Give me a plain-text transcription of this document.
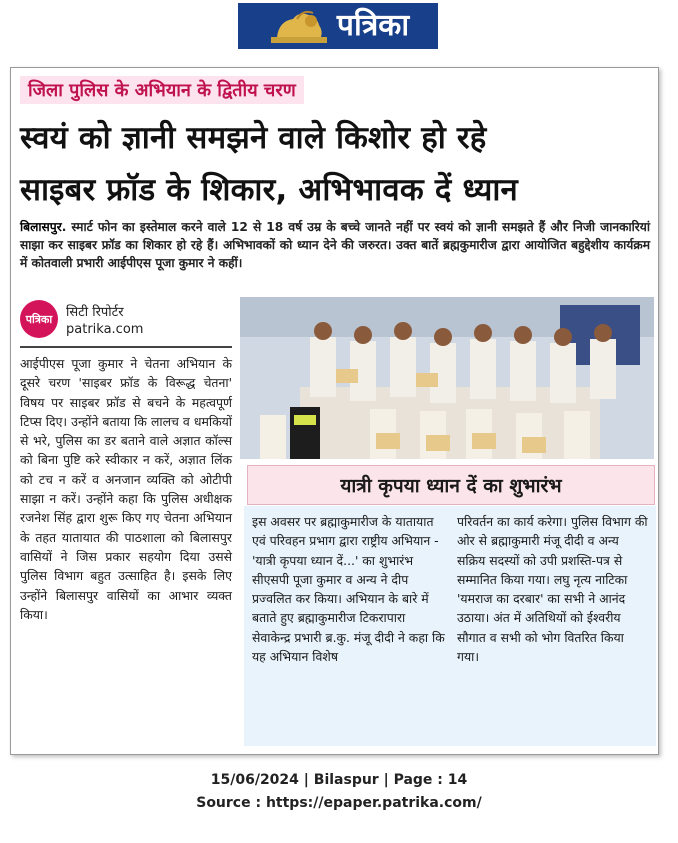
पत्रिका
जिला पुलिस के अभियान के द्वितीय चरण
स्वयं को ज्ञानी समझने वाले किशोर हो रहे
साइबर फ्रॉड के शिकार, अभिभावक दें ध्यान
बिलासपुर. स्मार्ट फोन का इस्तेमाल करने वाले 12 से 18 वर्ष उम्र के बच्चे जानते नहीं पर स्वयं को ज्ञानी समझते हैं और निजी जानकारियां साझा कर साइबर फ्रॉड का शिकार हो रहे हैं। अभिभावकों को ध्यान देने की जरुरत। उक्त बातें ब्रह्मकुमारीज द्वारा आयोजित बहुद्देशीय कार्यक्रम में कोतवाली प्रभारी आईपीएस पूजा कुमार ने कहीं।
पत्रिका	सिटी रिपोर्टर
patrika.com
आईपीएस पूजा कुमार ने चेतना अभियान के दूसरे चरण 'साइबर फ्रॉड के विरूद्ध चेतना' विषय पर साइबर फ्रॉड से बचने के महत्वपूर्ण टिप्स दिए। उन्होंने बताया कि लालच व धमकियों से भरे, पुलिस का डर बताने वाले अज्ञात कॉल्स को बिना पुष्टि करे स्वीकार न करें, अज्ञात लिंक को टच न करें व अनजान व्यक्ति को ओटीपी साझा न करें। उन्होंने कहा कि पुलिस अधीक्षक रजनेश सिंह द्वारा शुरू किए गए चेतना अभियान के तहत यातायात की पाठशाला को बिलासपुर वासियों ने जिस प्रकार सहयोग दिया उससे पुलिस विभाग बहुत उत्साहित है। इसके लिए उन्होंने बिलासपुर वासियों का आभार व्यक्त किया।
यात्री कृपया ध्यान दें का शुभारंभ
इस अवसर पर ब्रह्माकुमारीज के यातायात एवं परिवहन प्रभाग द्वारा राष्ट्रीय अभियान - 'यात्री कृपया ध्यान दें...' का शुभारंभ सीएसपी पूजा कुमार व अन्य ने दीप प्रज्वलित कर किया। अभियान के बारे में बताते हुए ब्रह्माकुमारीज टिकरापारा सेवाकेन्द्र प्रभारी ब्र.कु. मंजू दीदी ने कहा कि यह अभियान विशेष
परिवर्तन का कार्य करेगा। पुलिस विभाग की ओर से ब्रह्माकुमारी मंजू दीदी व अन्य सक्रिय सदस्यों को उपी प्रशस्ति-पत्र से सम्मानित किया गया। लघु नृत्य नाटिका 'यमराज का दरबार' का सभी ने आनंद उठाया। अंत में अतिथियों को ईश्वरीय सौगात व सभी को भोग वितरित किया गया।
15/06/2024 | Bilaspur | Page : 14
Source : https://epaper.patrika.com/
